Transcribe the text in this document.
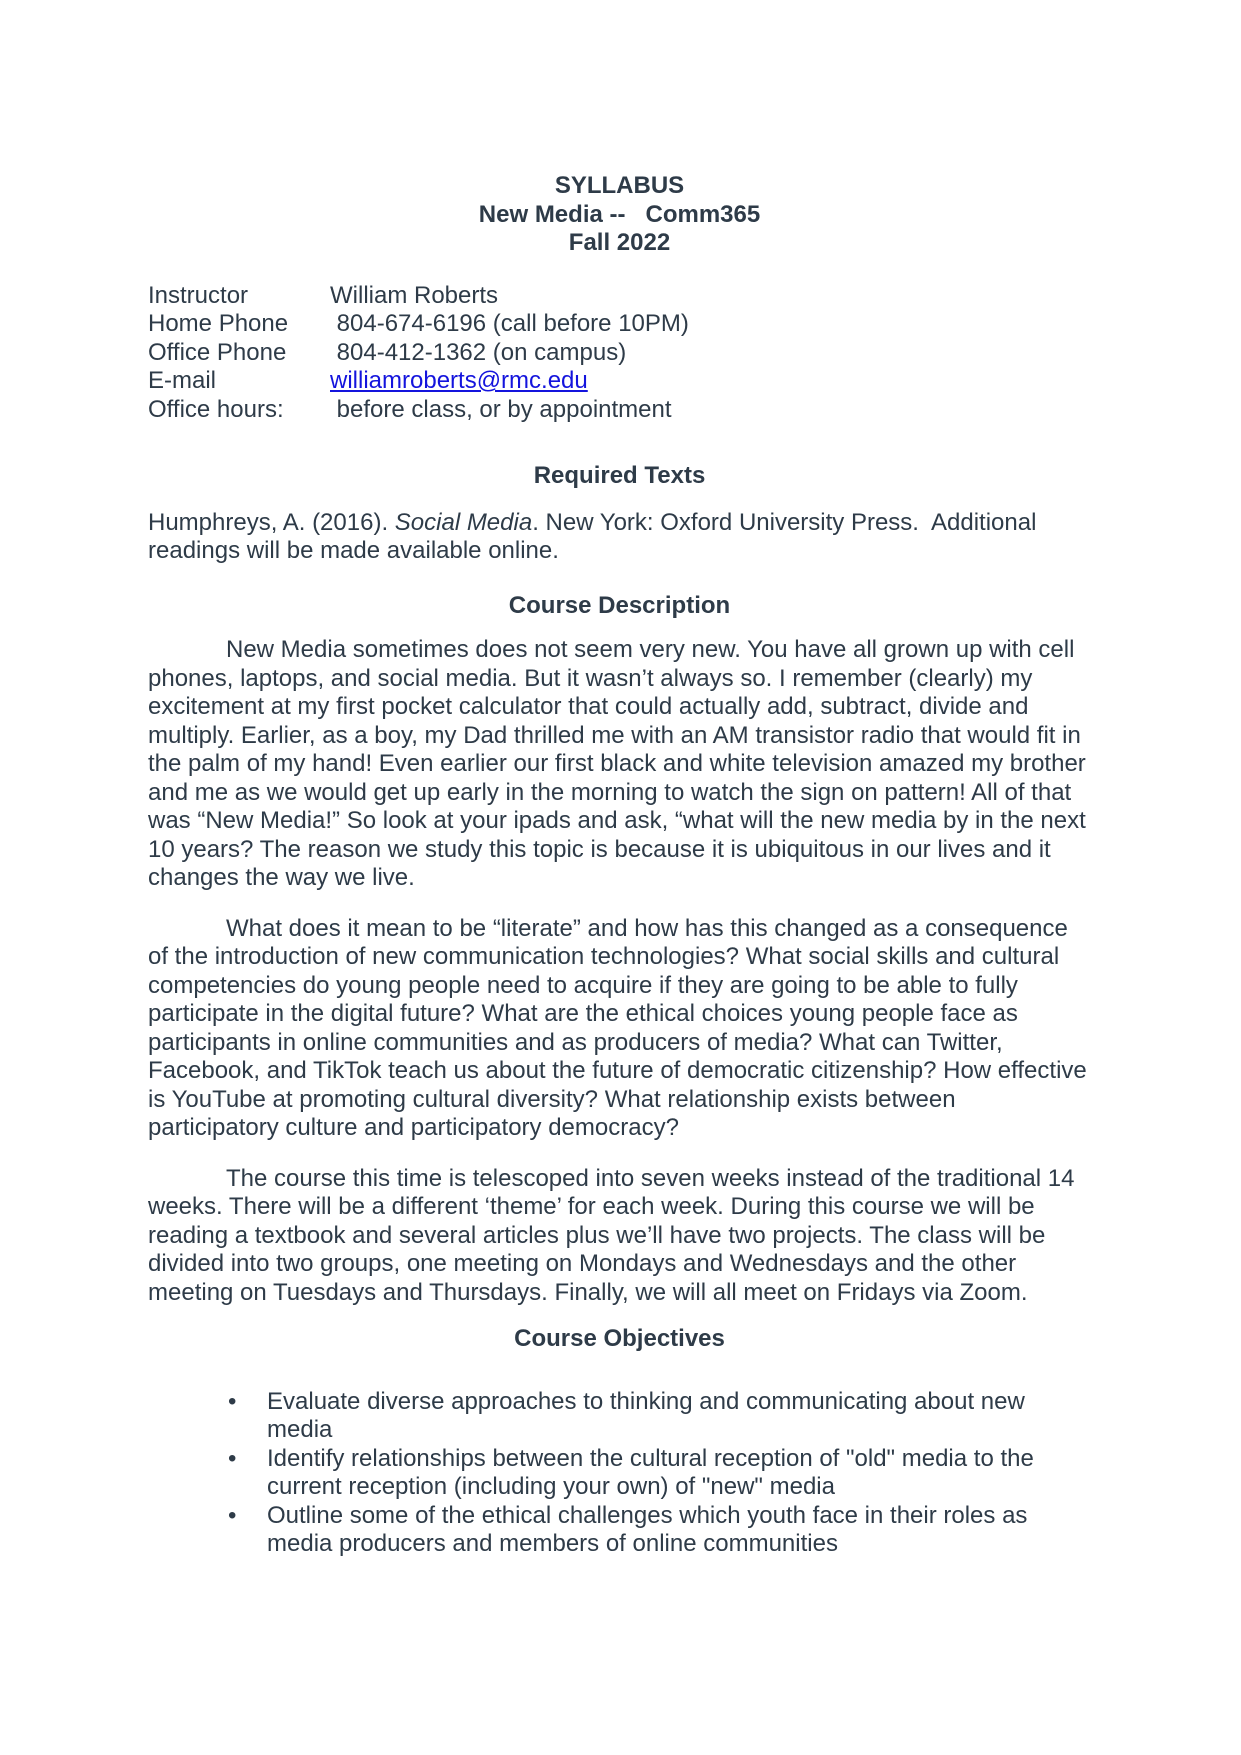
SYLLABUS
New Media --   Comm365
Fall 2022
Instructor	William Roberts
Home Phone	804-674-6196 (call before 10PM)
Office Phone	804-412-1362 (on campus)
E-mail	williamroberts@rmc.edu
Office hours:	before class, or by appointment
Required Texts

Humphreys, A. (2016). Social Media. New York: Oxford University Press.  Additional readings will be made available online.

Course Description

New Media sometimes does not seem very new. You have all grown up with cell phones, laptops, and social media. But it wasn’t always so. I remember (clearly) my excitement at my first pocket calculator that could actually add, subtract, divide and multiply. Earlier, as a boy, my Dad thrilled me with an AM transistor radio that would fit in the palm of my hand! Even earlier our first black and white television amazed my brother and me as we would get up early in the morning to watch the sign on pattern! All of that was “New Media!” So look at your ipads and ask, “what will the new media by in the next 10 years? The reason we study this topic is because it is ubiquitous in our lives and it changes the way we live.

What does it mean to be “literate” and how has this changed as a consequence of the introduction of new communication technologies? What social skills and cultural competencies do young people need to acquire if they are going to be able to fully participate in the digital future? What are the ethical choices young people face as participants in online communities and as producers of media? What can Twitter, Facebook, and TikTok teach us about the future of democratic citizenship? How effective is YouTube at promoting cultural diversity? What relationship exists between participatory culture and participatory democracy?

The course this time is telescoped into seven weeks instead of the traditional 14 weeks. There will be a different ‘theme’ for each week. During this course we will be reading a textbook and several articles plus we’ll have two projects. The class will be divided into two groups, one meeting on Mondays and Wednesdays and the other meeting on Tuesdays and Thursdays. Finally, we will all meet on Fridays via Zoom.

Course Objectives
• Evaluate diverse approaches to thinking and communicating about new media
• Identify relationships between the cultural reception of "old" media to the current reception (including your own) of "new" media
• Outline some of the ethical challenges which youth face in their roles as media producers and members of online communities
